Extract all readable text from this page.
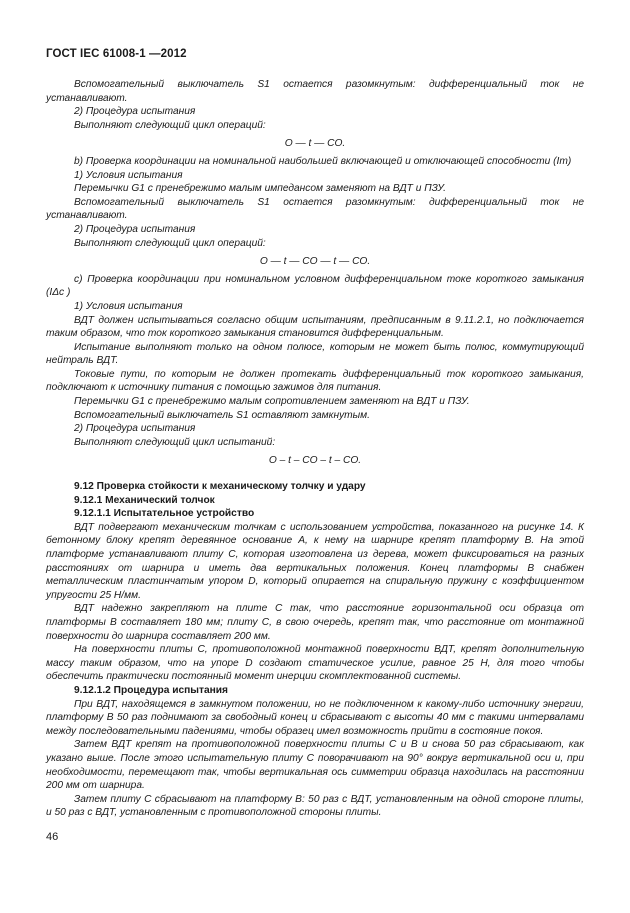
ГОСТ IEC 61008-1 —2012

Вспомогательный выключатель S1 остается разомкнутым: дифференциальный ток не устанавливают.

2) Процедура испытания

Выполняют следующий цикл операций:

О — t — CO.

b) Проверка координации на номинальной наибольшей включающей и отключающей способности (Im)

1) Условия испытания

Перемычки G1 с пренебрежимо малым импедансом заменяют на ВДТ и ПЗУ.

Вспомогательный выключатель S1 остается разомкнутым: дифференциальный ток не устанавливают.

2) Процедура испытания

Выполняют следующий цикл операций:

О — t — CO — t — CO.

c) Проверка координации при номинальном условном дифференциальном токе короткого замыкания (IΔc )

1) Условия испытания

ВДТ должен испытываться согласно общим испытаниям, предписанным в 9.11.2.1, но подключается таким образом, что ток короткого замыкания становится дифференциальным.

Испытание выполняют только на одном полюсе, которым не может быть полюс, коммутирующий нейтраль ВДТ.

Токовые пути, по которым не должен протекать дифференциальный ток короткого замыкания, подключают к источнику питания с помощью зажимов для питания.

Перемычки G1 с пренебрежимо малым сопротивлением заменяют на ВДТ и ПЗУ.

Вспомогательный выключатель S1 оставляют замкнутым.

2) Процедура испытания

Выполняют следующий цикл испытаний:

О – t – CO – t – CO.

9.12 Проверка стойкости к механическому толчку и удару

9.12.1 Механический толчок

9.12.1.1 Испытательное устройство

ВДТ подвергают механическим толчкам с использованием устройства, показанного на рисунке 14. К бетонному блоку крепят деревянное основание А, к нему на шарнире крепят платформу В. На этой платформе устанавливают плиту С, которая изготовлена из дерева, может фиксироваться на разных расстояниях от шарнира и иметь два вертикальных положения. Конец платформы В снабжен металлическим пластинчатым упором D, который опирается на спиральную пружину с коэффициентом упругости 25 Н/мм.

ВДТ надежно закрепляют на плите С так, что расстояние горизонтальной оси образца от платформы В составляет 180 мм; плиту С, в свою очередь, крепят так, что расстояние от монтажной поверхности до шарнира составляет 200 мм.

На поверхности плиты С, противоположной монтажной поверхности ВДТ, крепят дополнительную массу таким образом, что на упоре D создают статическое усилие, равное 25 Н, для того чтобы обеспечить практически постоянный момент инерции скомплектованной системы.

9.12.1.2 Процедура испытания

При ВДТ, находящемся в замкнутом положении, но не подключенном к какому-либо источнику энергии, платформу В 50 раз поднимают за свободный конец и сбрасывают с высоты 40 мм с такими интервалами между последовательными падениями, чтобы образец имел возможность прийти в состояние покоя.

Затем ВДТ крепят на противоположной поверхности плиты С и В и снова 50 раз сбрасывают, как указано выше. После этого испытательную плиту С поворачивают на 90° вокруг вертикальной оси и, при необходимости, перемещают так, чтобы вертикальная ось симметрии образца находилась на расстоянии 200 мм от шарнира.

Затем плиту С сбрасывают на платформу В: 50 раз с ВДТ, установленным на одной стороне плиты, и 50 раз с ВДТ, установленным с противоположной стороны плиты.

46
